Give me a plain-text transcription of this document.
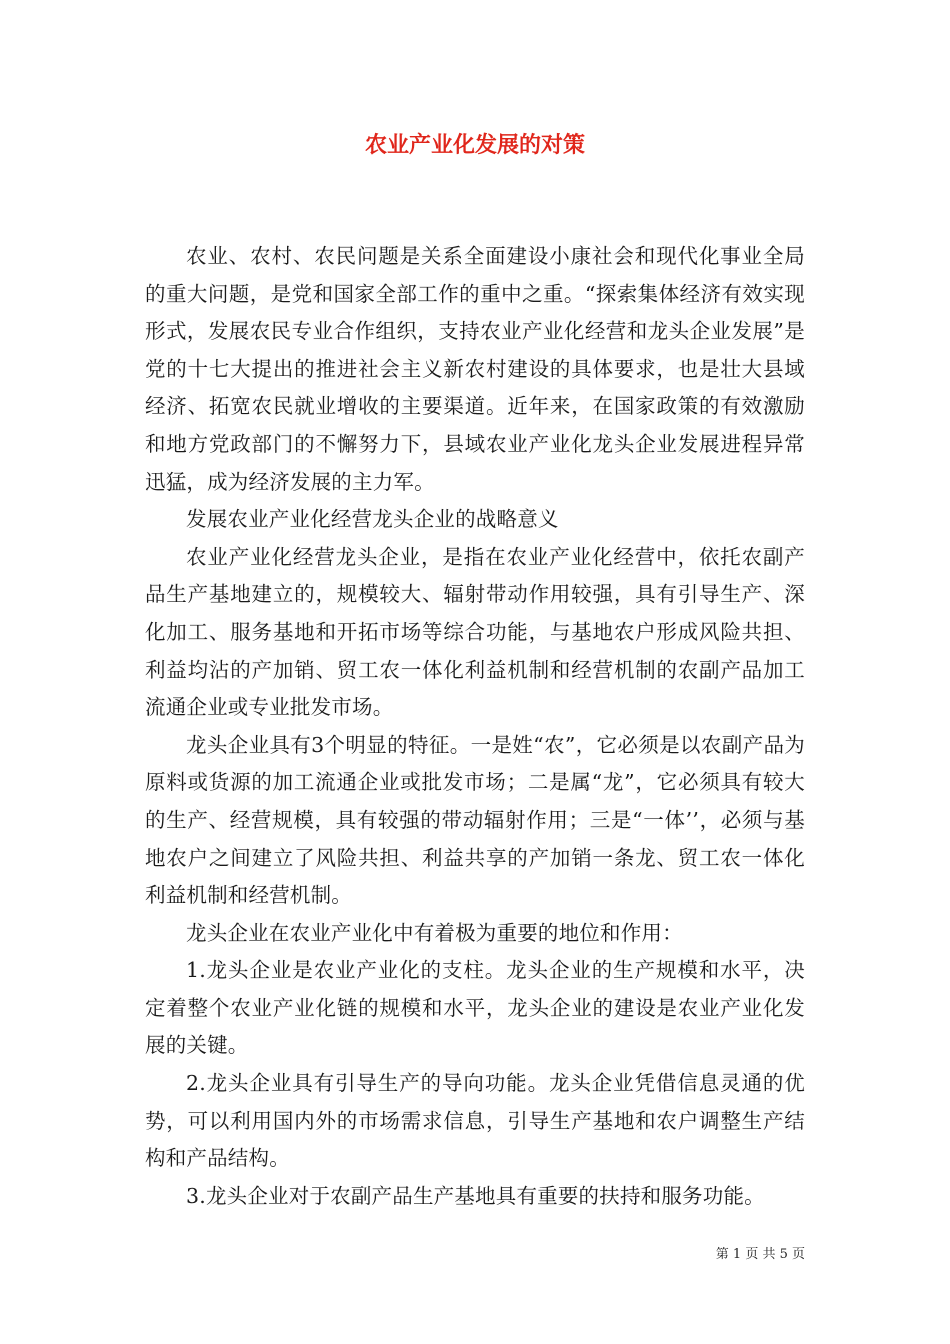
农业产业化发展的对策

农业、农村、农民问题是关系全面建设小康社会和现代化事业全局的重大问题，是党和国家全部工作的重中之重。“探索集体经济有效实现形式，发展农民专业合作组织，支持农业产业化经营和龙头企业发展”是党的十七大提出的推进社会主义新农村建设的具体要求，也是壮大县域经济、拓宽农民就业增收的主要渠道。近年来，在国家政策的有效激励和地方党政部门的不懈努力下，县域农业产业化龙头企业发展进程异常迅猛，成为经济发展的主力军。

发展农业产业化经营龙头企业的战略意义

农业产业化经营龙头企业，是指在农业产业化经营中，依托农副产品生产基地建立的，规模较大、辐射带动作用较强，具有引导生产、深化加工、服务基地和开拓市场等综合功能，与基地农户形成风险共担、利益均沾的产加销、贸工农一体化利益机制和经营机制的农副产品加工流通企业或专业批发市场。

龙头企业具有3个明显的特征。一是姓“农”，它必须是以农副产品为原料或货源的加工流通企业或批发市场；二是属“龙”，它必须具有较大的生产、经营规模，具有较强的带动辐射作用；三是“一体’’，必须与基地农户之间建立了风险共担、利益共享的产加销一条龙、贸工农一体化利益机制和经营机制。

龙头企业在农业产业化中有着极为重要的地位和作用：

1.龙头企业是农业产业化的支柱。龙头企业的生产规模和水平，决定着整个农业产业化链的规模和水平，龙头企业的建设是农业产业化发展的关键。

2.龙头企业具有引导生产的导向功能。龙头企业凭借信息灵通的优势，可以利用国内外的市场需求信息，引导生产基地和农户调整生产结构和产品结构。

3.龙头企业对于农副产品生产基地具有重要的扶持和服务功能。

第 1 页 共 5 页
